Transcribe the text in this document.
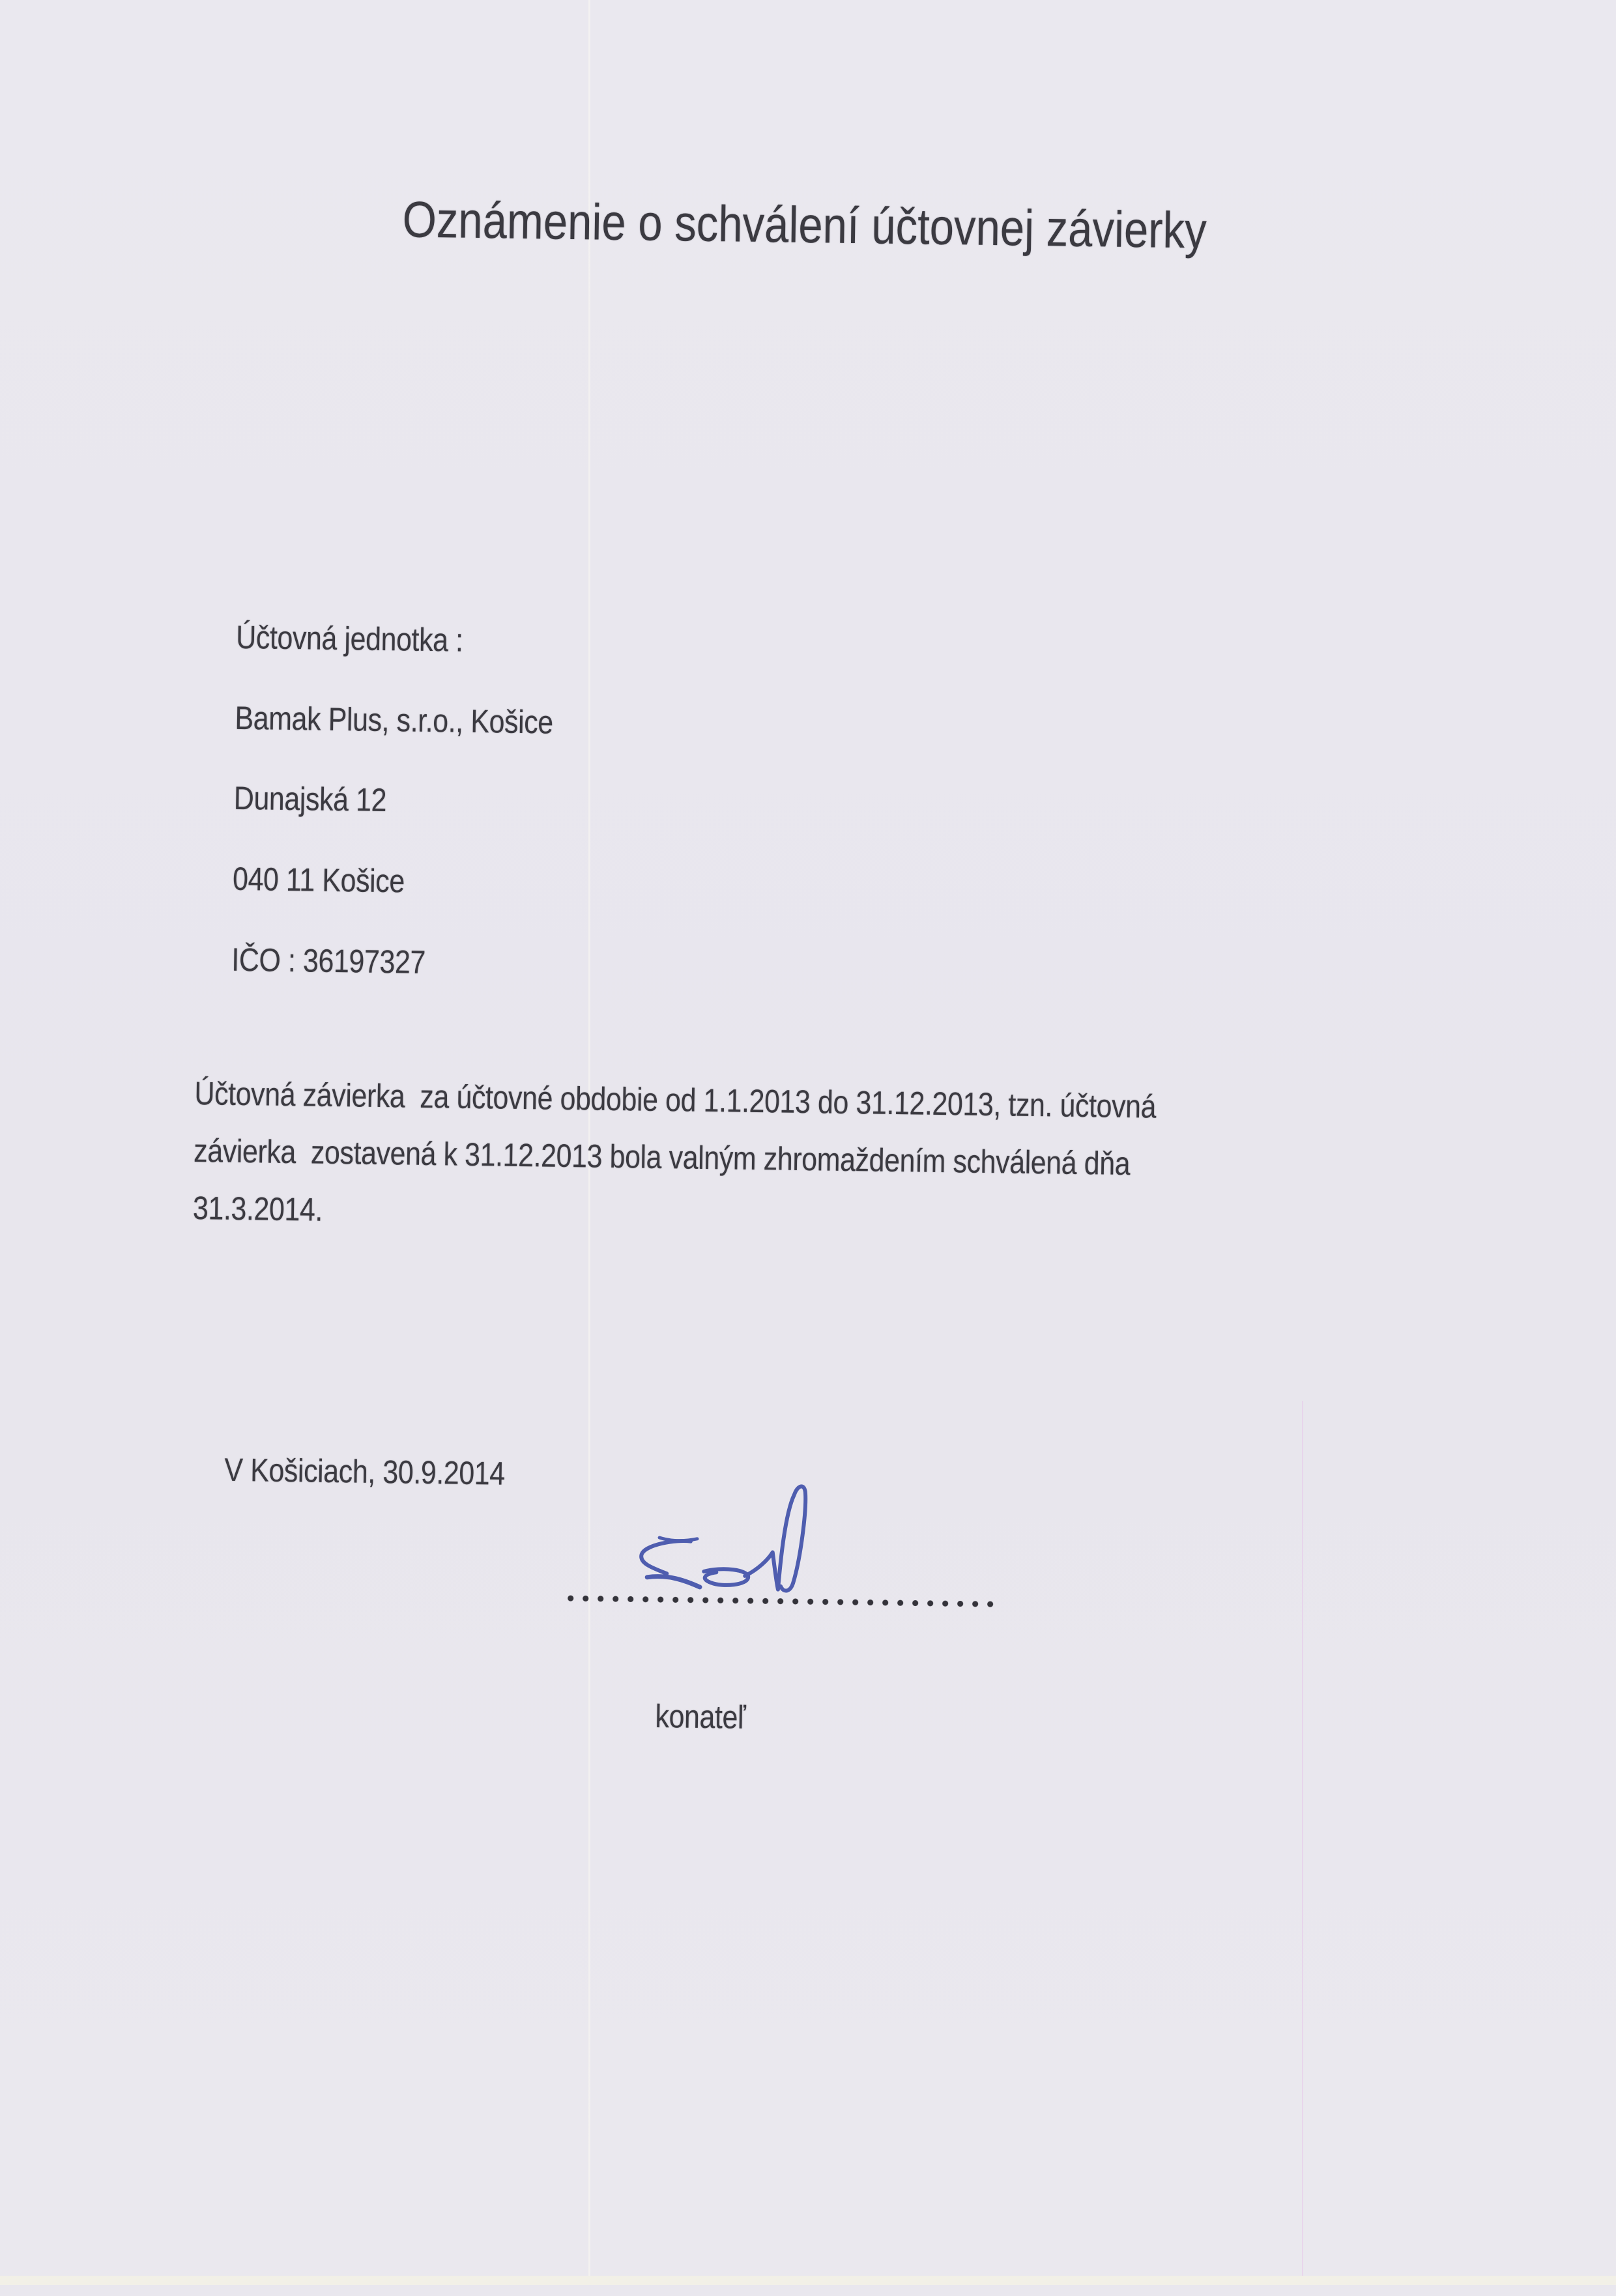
Oznámenie o schválení účtovnej závierky

Účtovná jednotka :

Bamak Plus, s.r.o., Košice

Dunajská 12

040 11 Košice

IČO : 36197327

Účtovná závierka  za účtovné obdobie od 1.1.2013 do 31.12.2013, tzn. účtovná
závierka  zostavená k 31.12.2013 bola valným zhromaždením schválená dňa
31.3.2014.

V Košiciach, 30.9.2014

konateľ
